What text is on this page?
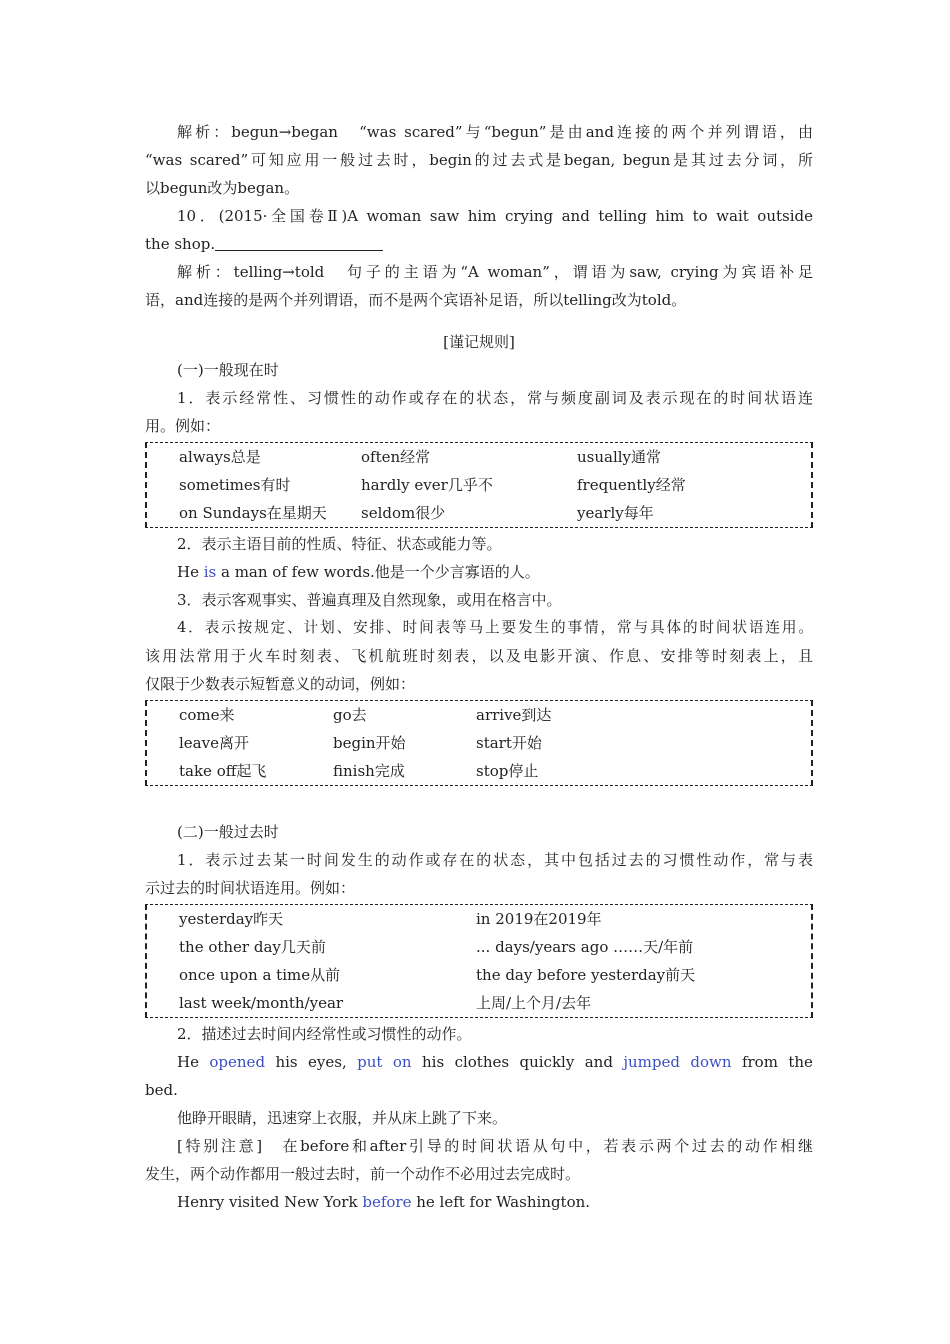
解析：begun→began　“was scared”与“begun”是由and连接的两个并列谓语，由

“was scared”可知应用一般过去时，begin的过去式是began, begun是其过去分词，所

以begun改为began。

10．(2015·全国卷Ⅱ)A woman saw him crying and telling him to wait outside

the shop.

解析：telling→told　句子的主语为“A woman”，谓语为saw, crying为宾语补足

语，and连接的是两个并列谓语，而不是两个宾语补足语，所以telling改为told。

[谨记规则]

(一)一般现在时

1．表示经常性、习惯性的动作或存在的状态，常与频度副词及表示现在的时间状语连

用。例如：

always总是	often经常	usually通常
sometimes有时	hardly ever几乎不	frequently经常
on Sundays在星期天	seldom很少	yearly每年

2．表示主语目前的性质、特征、状态或能力等。

He is a man of few words.他是一个少言寡语的人。

3．表示客观事实、普遍真理及自然现象，或用在格言中。

4．表示按规定、计划、安排、时间表等马上要发生的事情，常与具体的时间状语连用。

该用法常用于火车时刻表、飞机航班时刻表，以及电影开演、作息、安排等时刻表上，且

仅限于少数表示短暂意义的动词，例如：

come来	go去	arrive到达
leave离开	begin开始	start开始
take off起飞	finish完成	stop停止

(二)一般过去时

1．表示过去某一时间发生的动作或存在的状态，其中包括过去的习惯性动作，常与表

示过去的时间状语连用。例如：

yesterday昨天	in 2019在2019年
the other day几天前	... days/years ago ……天/年前
once upon a time从前	the day before yesterday前天
last week/month/year	上周/上个月/去年

2．描述过去时间内经常性或习惯性的动作。

He opened his eyes, put on his clothes quickly and jumped down from the

bed.

他睁开眼睛，迅速穿上衣服，并从床上跳了下来。

[特别注意]　在before和after引导的时间状语从句中，若表示两个过去的动作相继

发生，两个动作都用一般过去时，前一个动作不必用过去完成时。

Henry visited New York before he left for Washington.
